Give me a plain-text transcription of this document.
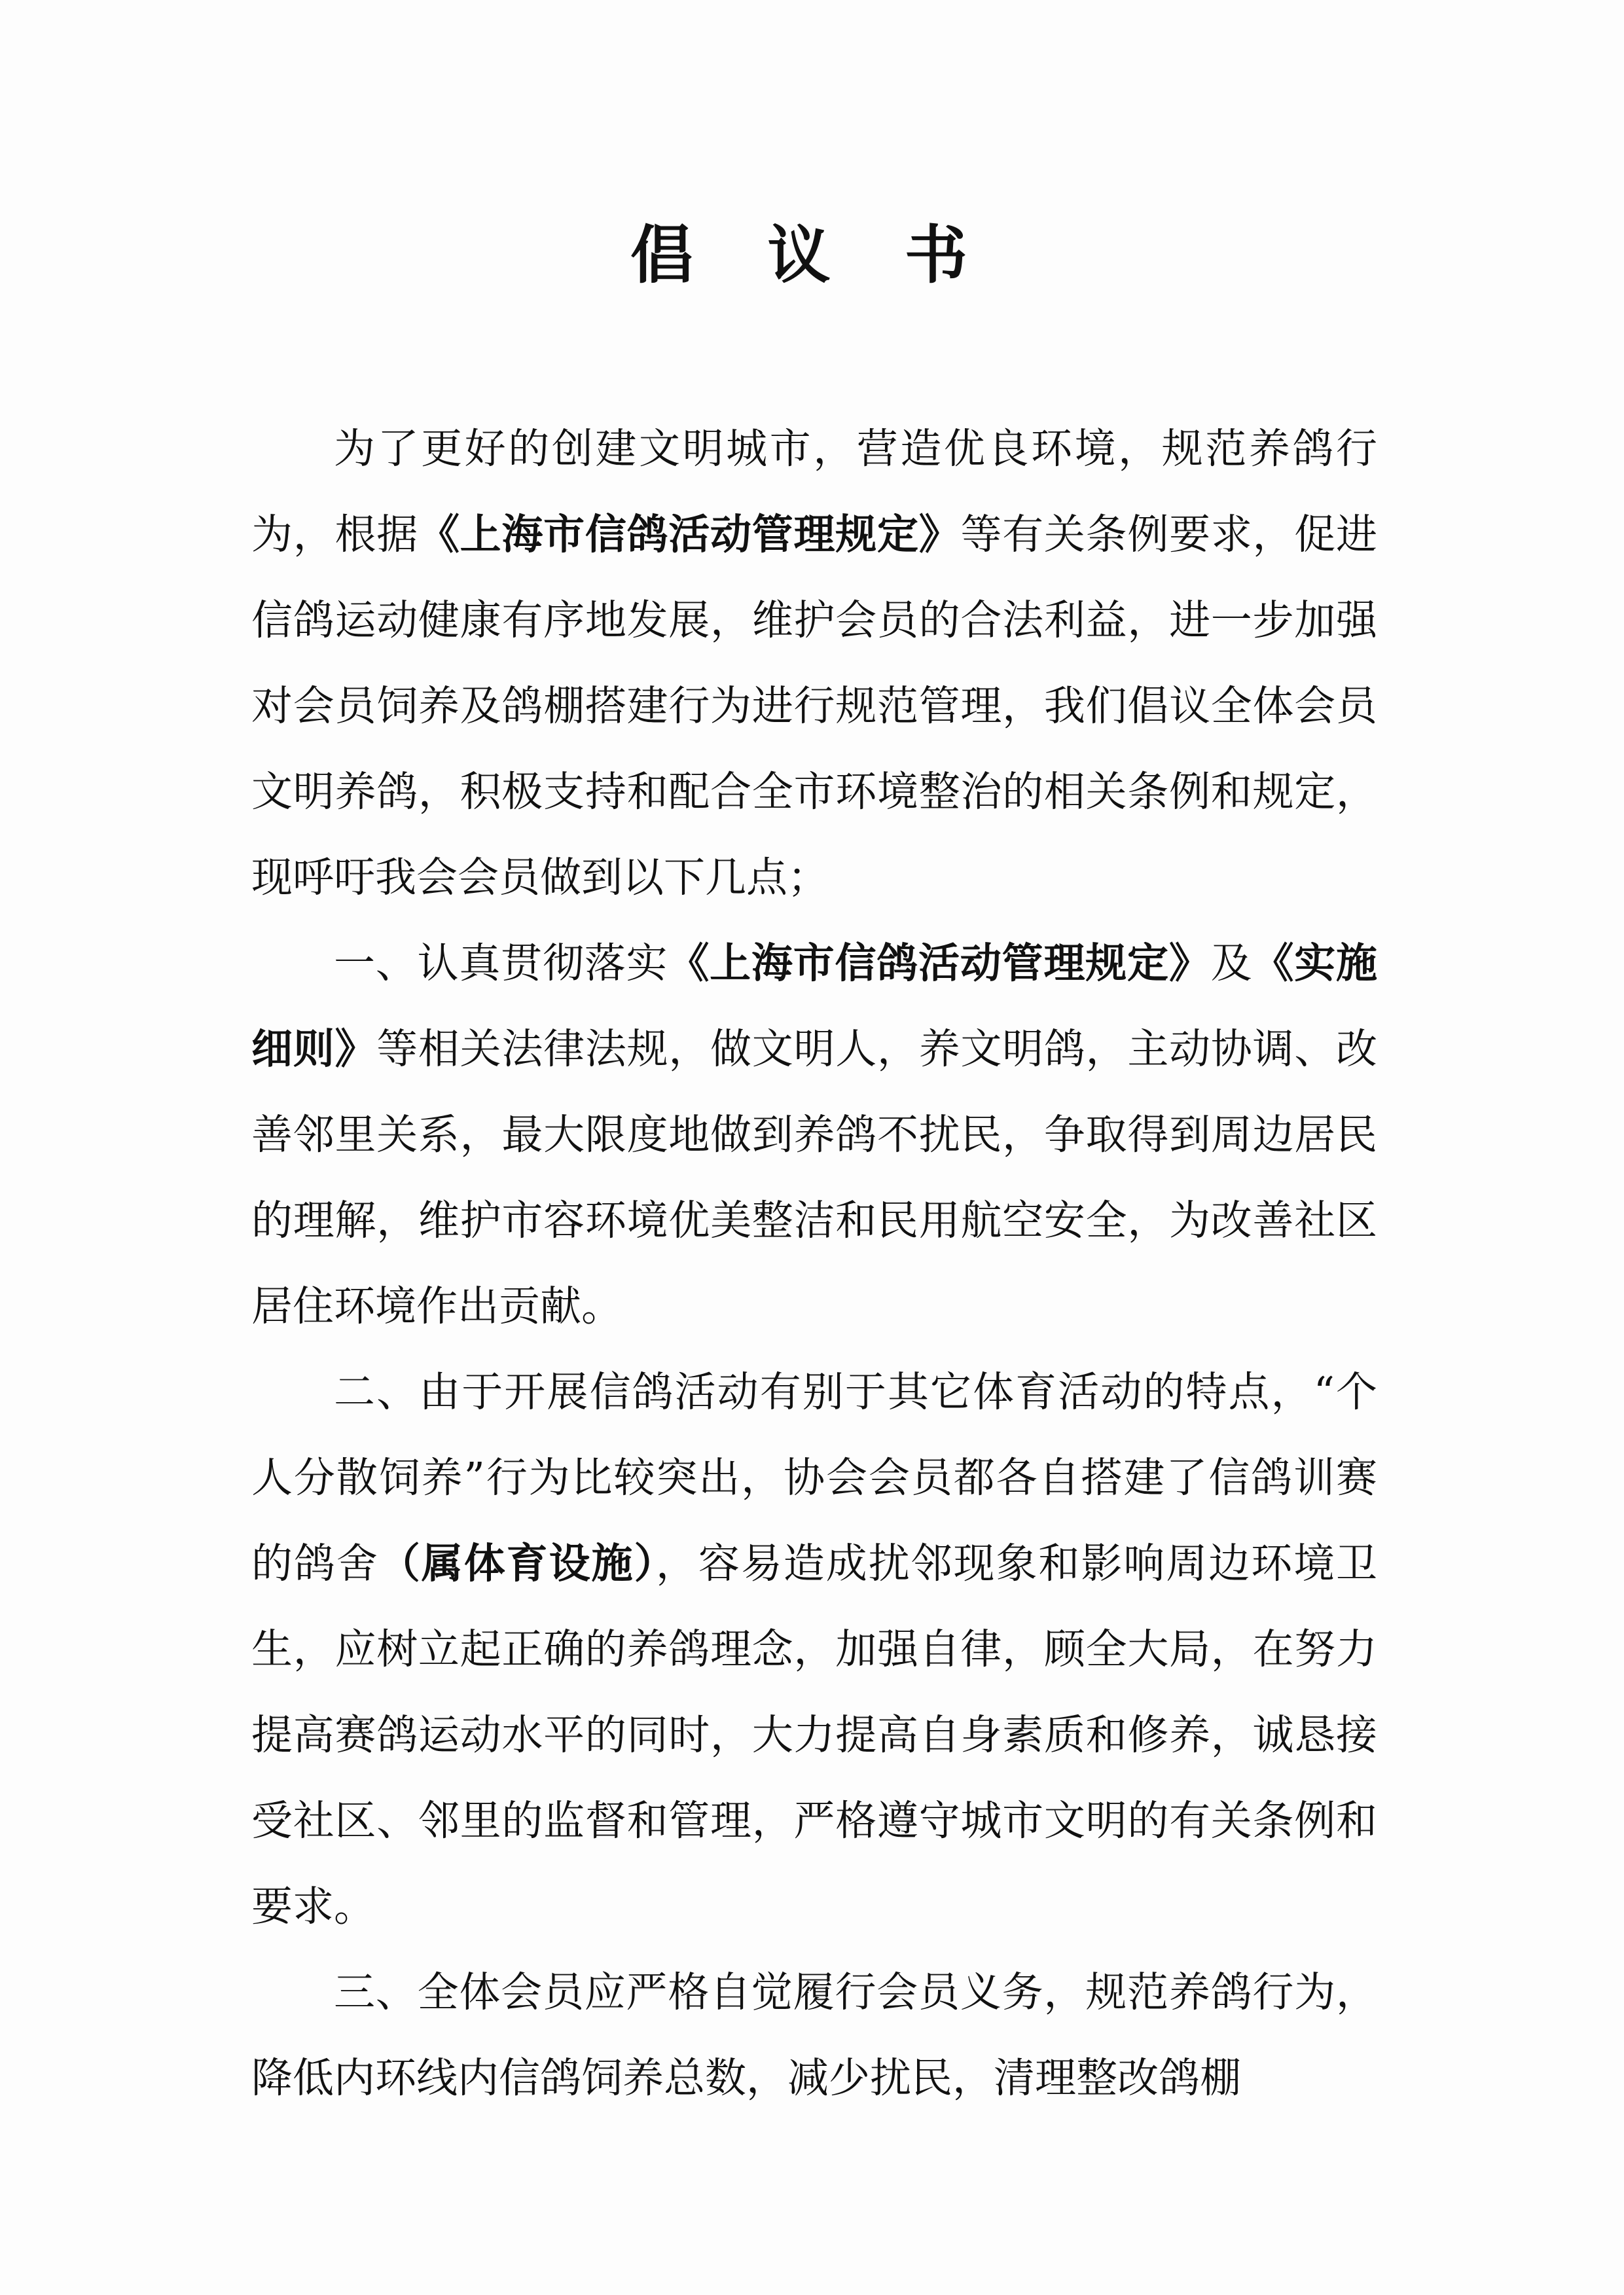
倡 议 书

为了更好的创建文明城市，营造优良环境，规范养鸽行为，根据《上海市信鸽活动管理规定》等有关条例要求，促进信鸽运动健康有序地发展，维护会员的合法利益，进一步加强对会员饲养及鸽棚搭建行为进行规范管理，我们倡议全体会员文明养鸽，积极支持和配合全市环境整治的相关条例和规定，现呼吁我会会员做到以下几点；

一、认真贯彻落实《上海市信鸽活动管理规定》及《实施细则》等相关法律法规，做文明人，养文明鸽，主动协调、改善邻里关系，最大限度地做到养鸽不扰民，争取得到周边居民的理解，维护市容环境优美整洁和民用航空安全，为改善社区居住环境作出贡献。

二、由于开展信鸽活动有别于其它体育活动的特点，“个人分散饲养”行为比较突出，协会会员都各自搭建了信鸽训赛的鸽舍（属体育设施），容易造成扰邻现象和影响周边环境卫生，应树立起正确的养鸽理念，加强自律，顾全大局，在努力提高赛鸽运动水平的同时，大力提高自身素质和修养，诚恳接受社区、邻里的监督和管理，严格遵守城市文明的有关条例和要求。

三、全体会员应严格自觉履行会员义务，规范养鸽行为，降低内环线内信鸽饲养总数，减少扰民，清理整改鸽棚
